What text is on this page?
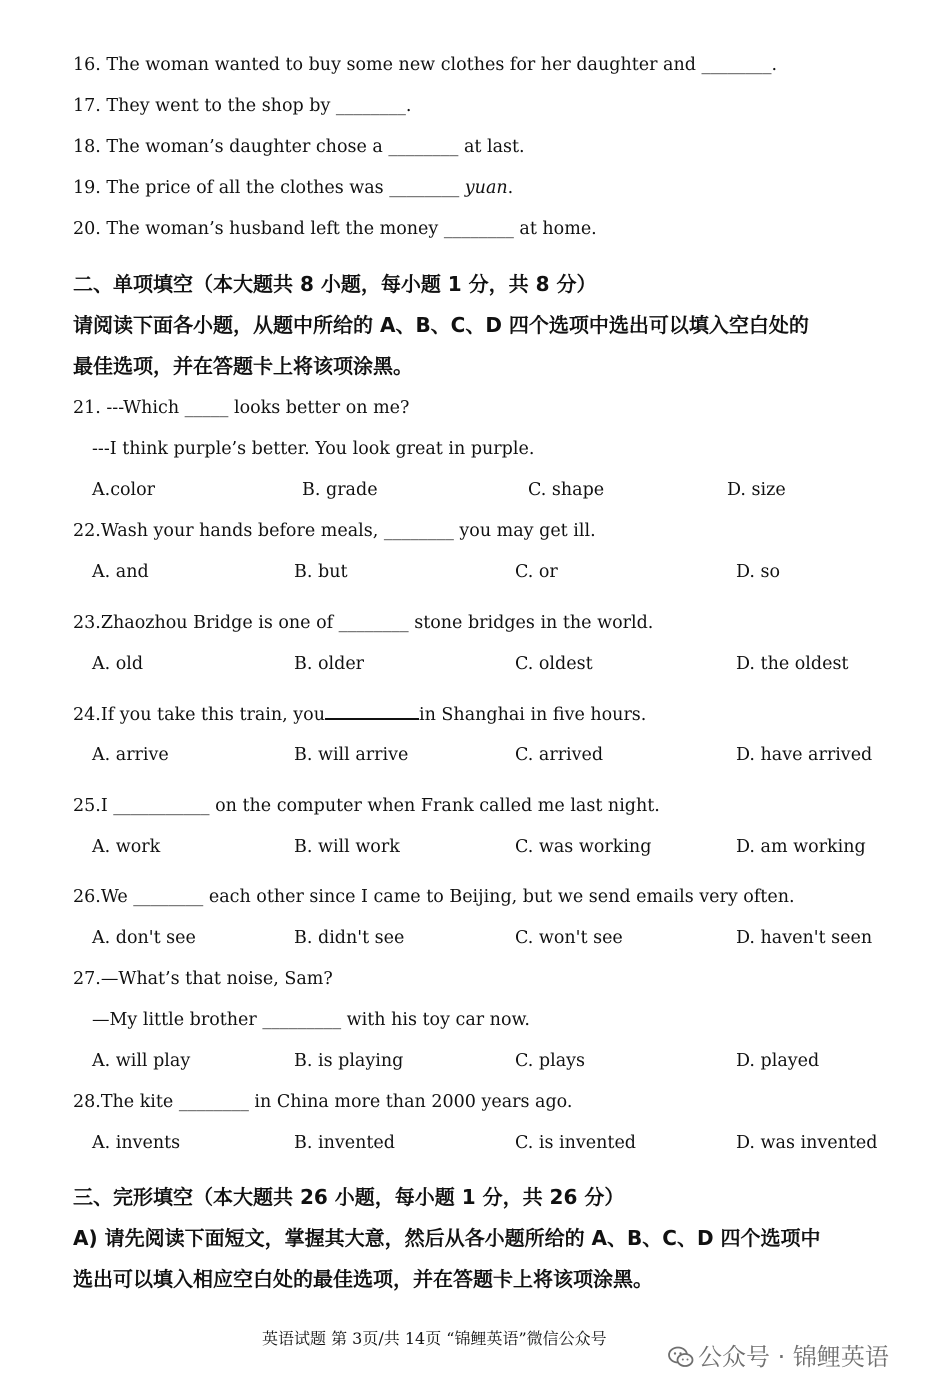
16. The woman wanted to buy some new clothes for her daughter and ________.
17. They went to the shop by ________.
18. The woman’s daughter chose a ________ at last.
19. The price of all the clothes was ________ yuan.
20. The woman’s husband left the money ________ at home.
二、单项填空（本大题共 8 小题，每小题 1 分，共 8 分）
请阅读下面各小题，从题中所给的 A、B、C、D 四个选项中选出可以填入空白处的
最佳选项，并在答题卡上将该项涂黑。
21. ---Which _____ looks better on me?
---I think purple’s better. You look great in purple.
A.color	B. grade	C. shape	D. size
22.Wash your hands before meals, ________ you may get ill.
A. and	B. but	C. or	D. so
23.Zhaozhou Bridge is one of ________ stone bridges in the world.
A. old	B. older	C. oldest	D. the oldest
24.If you take this train, you	in Shanghai in five hours.
A. arrive	B. will arrive	C. arrived	D. have arrived
25.I ___________ on the computer when Frank called me last night.
A. work	B. will work	C. was working	D. am working
26.We ________ each other since I came to Beijing, but we send emails very often.
A. don't see	B. didn't see	C. won't see	D. haven't seen
27.—What’s that noise, Sam?
—My little brother _________ with his toy car now.
A. will play	B. is playing	C. plays	D. played
28.The kite ________ in China more than 2000 years ago.
A. invents	B. invented	C. is invented	D. was invented
三、完形填空（本大题共 26 小题，每小题 1 分，共 26 分）
A) 请先阅读下面短文，掌握其大意，然后从各小题所给的 A、B、C、D 四个选项中
选出可以填入相应空白处的最佳选项，并在答题卡上将该项涂黑。
英语试题 第 3页/共 14页 “锦鲤英语”微信公众号
公众号 · 锦鲤英语
